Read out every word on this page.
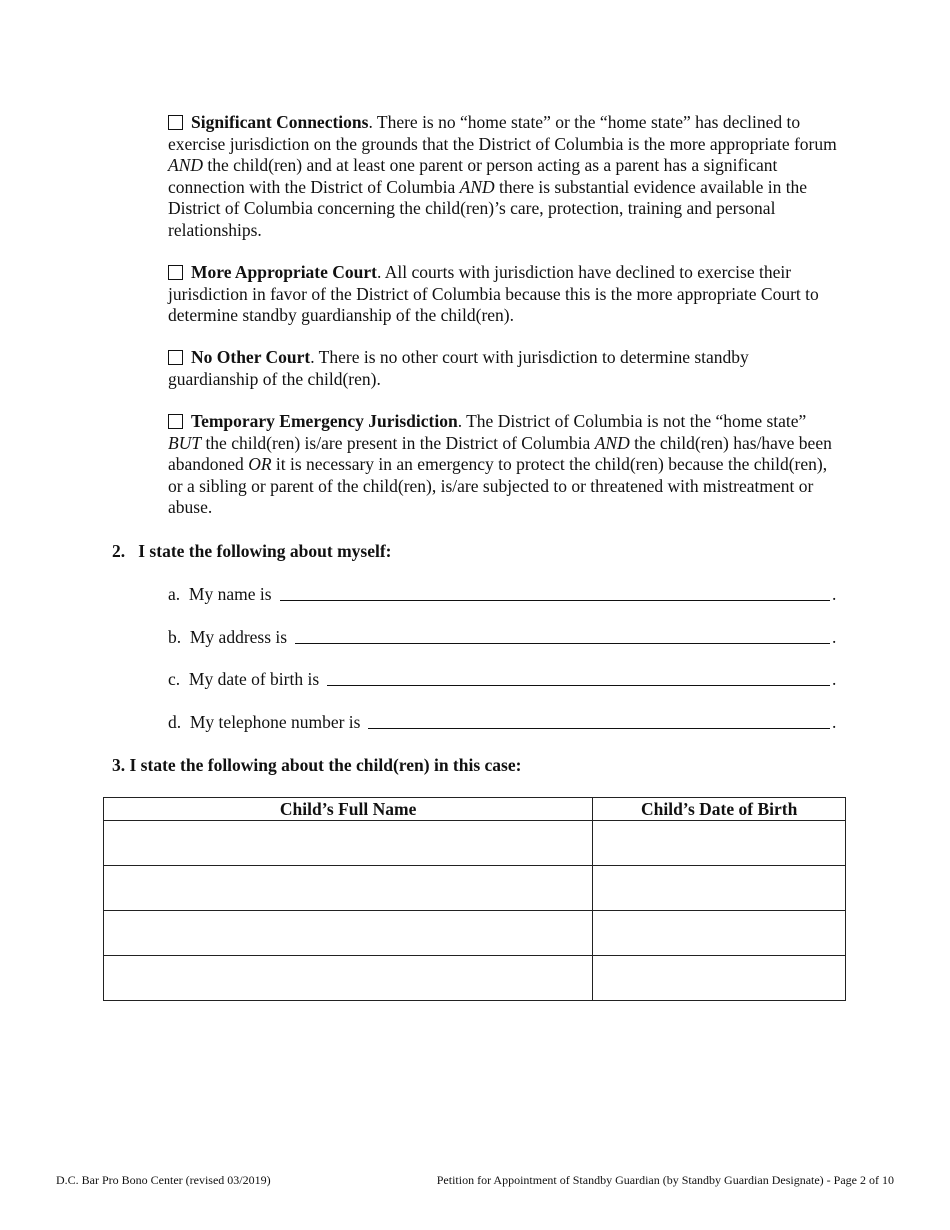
Significant Connections. There is no “home state” or the “home state” has declined to exercise jurisdiction on the grounds that the District of Columbia is the more appropriate forum AND the child(ren) and at least one parent or person acting as a parent has a significant connection with the District of Columbia AND there is substantial evidence available in the District of Columbia concerning the child(ren)’s care, protection, training and personal relationships.
More Appropriate Court. All courts with jurisdiction have declined to exercise their jurisdiction in favor of the District of Columbia because this is the more appropriate Court to determine standby guardianship of the child(ren).
No Other Court. There is no other court with jurisdiction to determine standby guardianship of the child(ren).
Temporary Emergency Jurisdiction. The District of Columbia is not the “home state” BUT the child(ren) is/are present in the District of Columbia AND the child(ren) has/have been abandoned OR it is necessary in an emergency to protect the child(ren) because the child(ren), or a sibling or parent of the child(ren), is/are subjected to or threatened with mistreatment or abuse.
2.   I state the following about myself:
a.  My name is	.
b.  My address is	.
c.  My date of birth is	.
d.  My telephone number is	.
3. I state the following about the child(ren) in this case:
Child’s Full Name	Child’s Date of Birth

D.C. Bar Pro Bono Center (revised 03/2019)	Petition for Appointment of Standby Guardian (by Standby Guardian Designate) - Page 2 of 10
